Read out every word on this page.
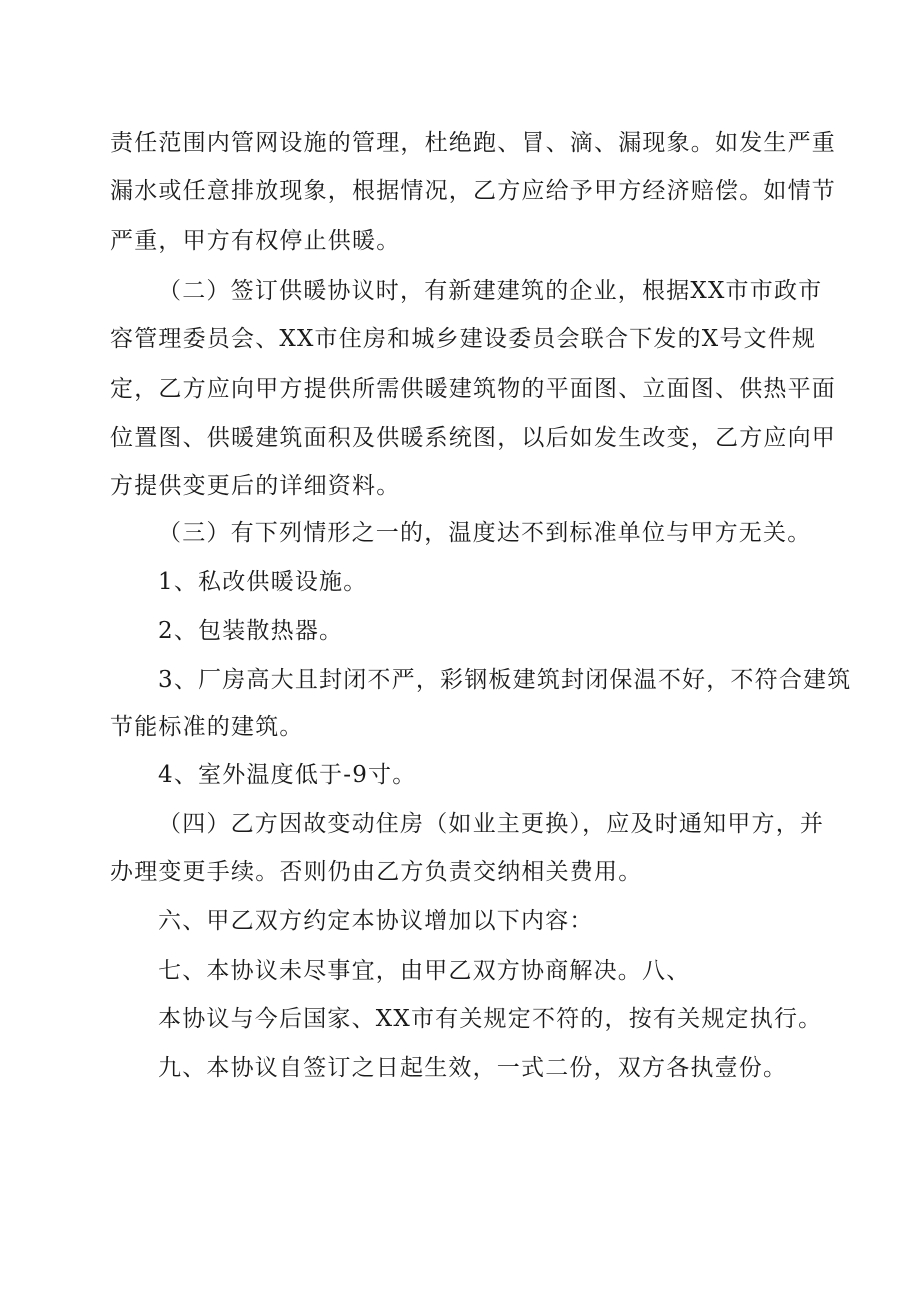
责任范围内管网设施的管理，杜绝跑、冒、滴、漏现象。如发生严重
漏水或任意排放现象，根据情况，乙方应给予甲方经济赔偿。如情节
严重，甲方有权停止供暖。
（二）签订供暖协议时，有新建建筑的企业，根据XX市市政市
容管理委员会、XX市住房和城乡建设委员会联合下发的X号文件规
定，乙方应向甲方提供所需供暖建筑物的平面图、立面图、供热平面
位置图、供暖建筑面积及供暖系统图，以后如发生改变，乙方应向甲
方提供变更后的详细资料。
（三）有下列情形之一的，温度达不到标准单位与甲方无关。
1、私改供暖设施。
2、包装散热器。
3、厂房高大且封闭不严，彩钢板建筑封闭保温不好，不符合建筑
节能标准的建筑。
4、室外温度低于-9寸。
（四）乙方因故变动住房（如业主更换），应及时通知甲方，并
办理变更手续。否则仍由乙方负责交纳相关费用。
六、甲乙双方约定本协议增加以下内容：
七、本协议未尽事宜，由甲乙双方协商解决。八、
本协议与今后国家、XX市有关规定不符的，按有关规定执行。
九、本协议自签订之日起生效，一式二份，双方各执壹份。
